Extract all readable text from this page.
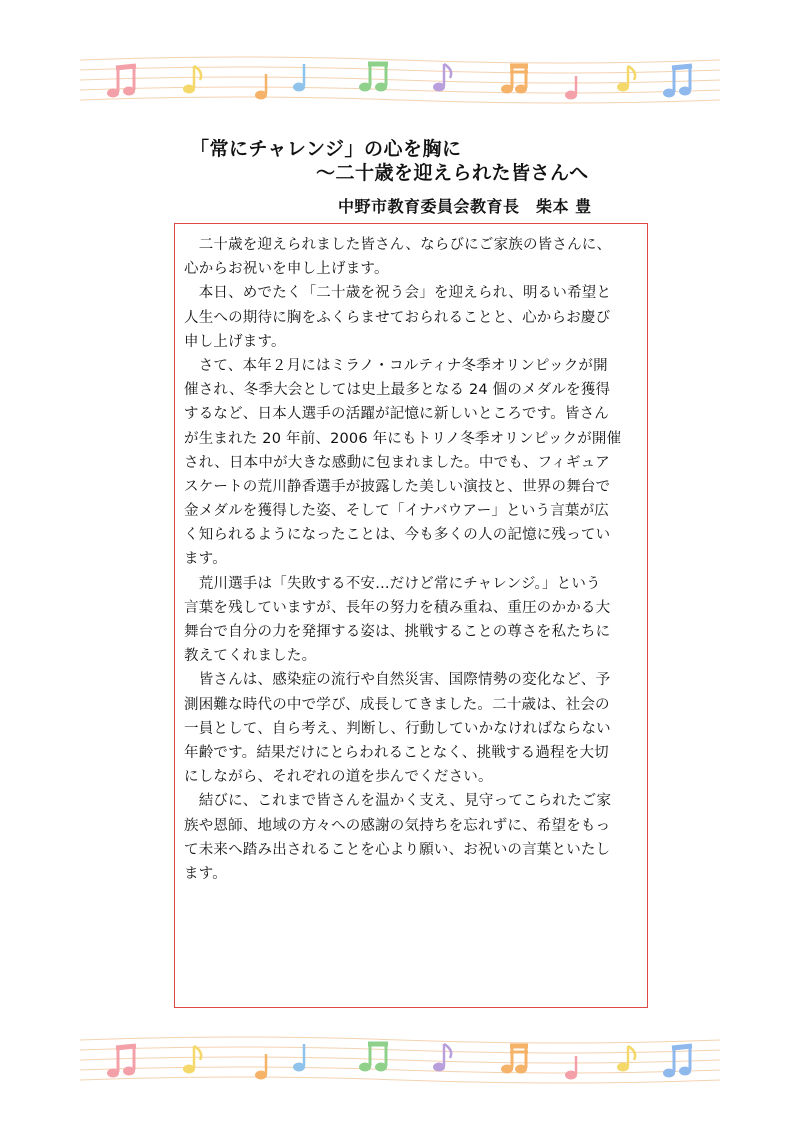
「常にチャレンジ」の心を胸に
～二十歳を迎えられた皆さんへ
中野市教育委員会教育長　柴本 豊
　二十歳を迎えられました皆さん、ならびにご家族の皆さんに、
心からお祝いを申し上げます。
　本日、めでたく「二十歳を祝う会」を迎えられ、明るい希望と
人生への期待に胸をふくらませておられることと、心からお慶び
申し上げます。
　さて、本年２月にはミラノ・コルティナ冬季オリンピックが開
催され、冬季大会としては史上最多となる 24 個のメダルを獲得
するなど、日本人選手の活躍が記憶に新しいところです。皆さん
が生まれた 20 年前、2006 年にもトリノ冬季オリンピックが開催
され、日本中が大きな感動に包まれました。中でも、フィギュア
スケートの荒川静香選手が披露した美しい演技と、世界の舞台で
金メダルを獲得した姿、そして「イナバウアー」という言葉が広
く知られるようになったことは、今も多くの人の記憶に残ってい
ます。
　荒川選手は「失敗する不安…だけど常にチャレンジ。」という
言葉を残していますが、長年の努力を積み重ね、重圧のかかる大
舞台で自分の力を発揮する姿は、挑戦することの尊さを私たちに
教えてくれました。
　皆さんは、感染症の流行や自然災害、国際情勢の変化など、予
測困難な時代の中で学び、成長してきました。二十歳は、社会の
一員として、自ら考え、判断し、行動していかなければならない
年齢です。結果だけにとらわれることなく、挑戦する過程を大切
にしながら、それぞれの道を歩んでください。
　結びに、これまで皆さんを温かく支え、見守ってこられたご家
族や恩師、地域の方々への感謝の気持ちを忘れずに、希望をもっ
て未来へ踏み出されることを心より願い、お祝いの言葉といたし
ます。
